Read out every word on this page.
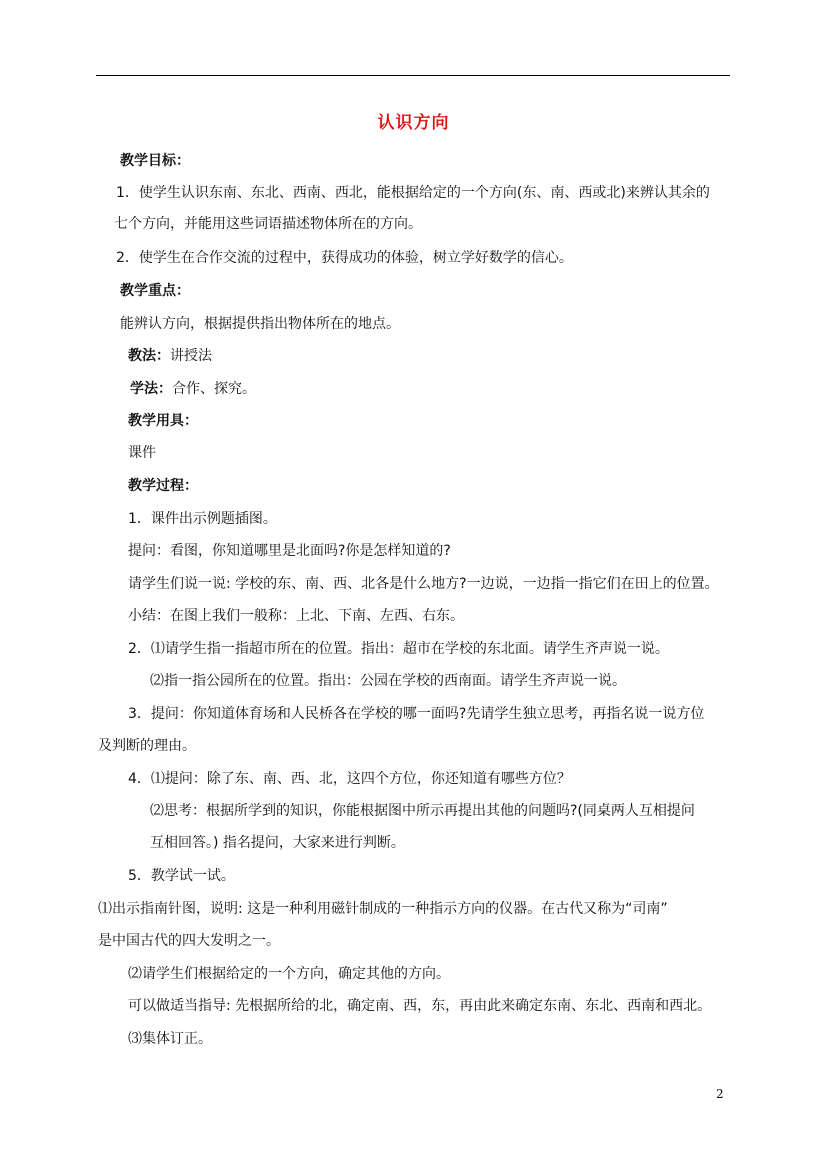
认识方向
教学目标：
1．使学生认识东南、东北、西南、西北，能根据给定的一个方向(东、南、西或北)来辨认其余的
七个方向，并能用这些词语描述物体所在的方向。
2．使学生在合作交流的过程中，获得成功的体验，树立学好数学的信心。
教学重点：
能辨认方向，根据提供指出物体所在的地点。
教法：讲授法
学法：合作、探究。
教学用具：
课件
教学过程：
1．课件出示例题插图。
提问：看图，你知道哪里是北面吗?你是怎样知道的?
请学生们说一说: 学校的东、南、西、北各是什么地方?一边说，一边指一指它们在田上的位置。
小结：在图上我们一般称：上北、下南、左西、右东。
2．⑴请学生指一指超市所在的位置。指出：超市在学校的东北面。请学生齐声说一说。
⑵指一指公园所在的位置。指出：公园在学校的西南面。请学生齐声说一说。
3．提问：你知道体育场和人民桥各在学校的哪一面吗?先请学生独立思考，再指名说一说方位
及判断的理由。
4．⑴提问：除了东、南、西、北，这四个方位，你还知道有哪些方位？
⑵思考：根据所学到的知识，你能根据图中所示再提出其他的问题吗?(同桌两人互相提问
互相回答。) 指名提问，大家来进行判断。
5．教学试一试。
⑴出示指南针图，说明: 这是一种利用磁针制成的一种指示方向的仪器。在古代又称为“司南”
是中国古代的四大发明之一。
⑵请学生们根据给定的一个方向，确定其他的方向。
可以做适当指导: 先根据所给的北，确定南、西，东，再由此来确定东南、东北、西南和西北。
⑶集体订正。
2
